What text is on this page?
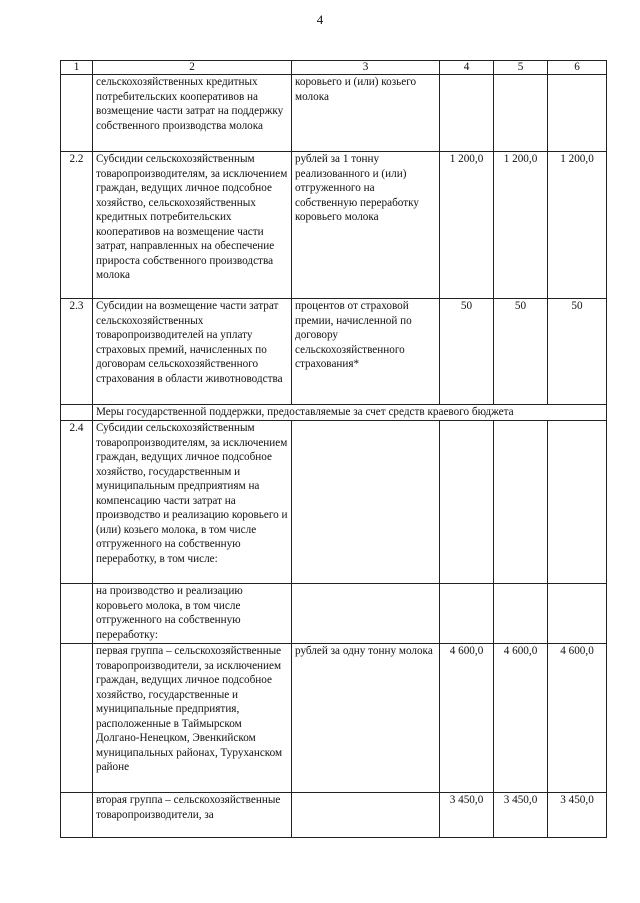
4
1	2	3	4	5	6
	сельскохозяйственных кредитных потребительских кооперативов на возмещение части затрат на поддержку собственного производства молока	коровьего и (или) козьего молока			
2.2	Субсидии сельскохозяйственным товаропроизводителям, за исключением граждан, ведущих личное подсобное хозяйство, сельскохозяйственных кредитных потребительских кооперативов на возмещение части затрат, направленных на обеспечение прироста собственного производства молока	рублей за 1 тонну реализованного и (или) отгруженного на собственную переработку коровьего молока	1 200,0	1 200,0	1 200,0
2.3	Субсидии на возмещение части затрат сельскохозяйственных товаропроизводителей на уплату страховых премий, начисленных по договорам сельскохозяйственного страхования в области животноводства	процентов от страховой премии, начисленной по договору сельскохозяйственного страхования*	50	50	50
	Меры государственной поддержки, предоставляемые за счет средств краевого бюджета				
2.4	Субсидии сельскохозяйственным товаропроизводителям, за исключением граждан, ведущих личное подсобное хозяйство, государственным и муниципальным предприятиям на компенсацию части затрат на производство и реализацию коровьего и (или) козьего молока, в том числе отгруженного на собственную переработку, в том числе:				
	на производство и реализацию коровьего молока, в том числе отгруженного на собственную переработку:				
	первая группа – сельскохозяйственные товаропроизводители, за исключением граждан, ведущих личное подсобное хозяйство, государственные и муниципальные предприятия, расположенные в Таймырском Долгано-Ненецком, Эвенкийском муниципальных районах, Туруханском районе	рублей за одну тонну молока	4 600,0	4 600,0	4 600,0
	вторая группа – сельскохозяйственные товаропроизводители, за		3 450,0	3 450,0	3 450,0
